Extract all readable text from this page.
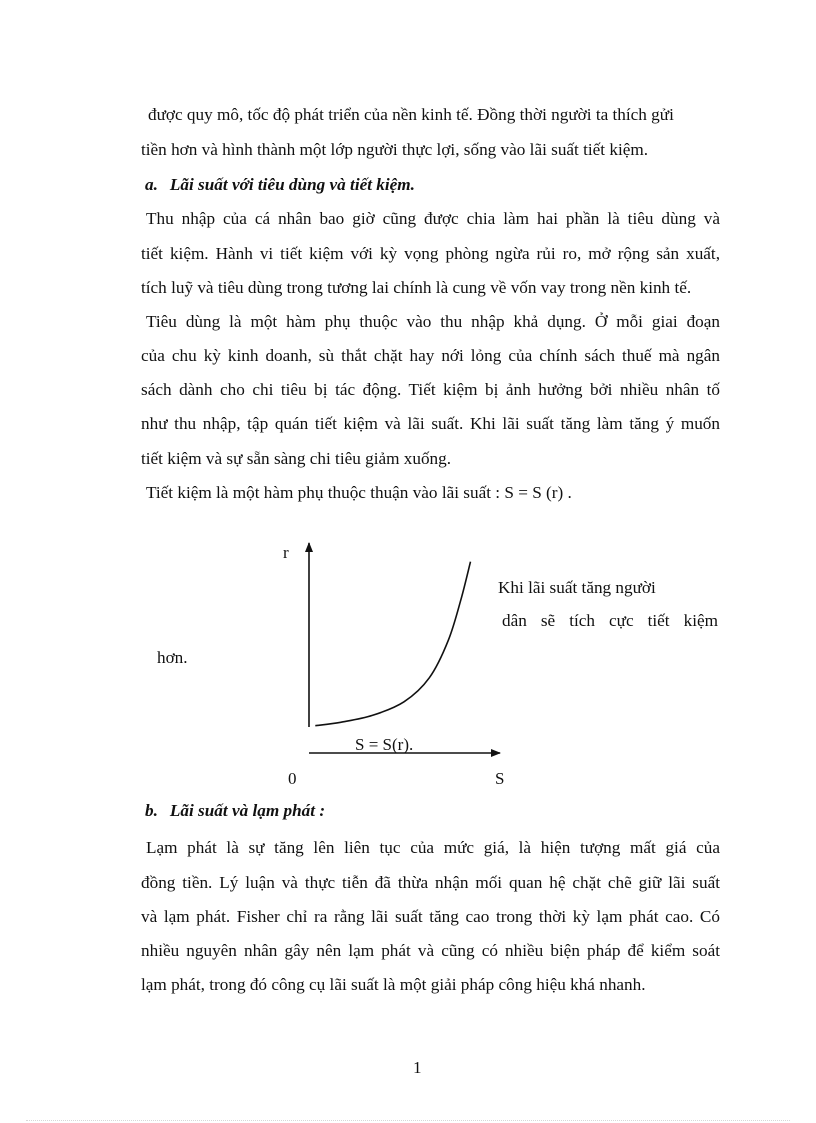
được quy mô, tốc độ phát triển của nền kinh tế. Đồng thời người ta thích gửi
tiền hơn và hình thành một lớp người thực lợi, sống vào lãi suất tiết kiệm.
a. Lãi suất với tiêu dùng và tiết kiệm.
Thu nhập của cá nhân bao giờ cũng được chia làm hai phần là tiêu dùng và
tiết kiệm. Hành vi tiết kiệm với kỳ vọng phòng ngừa rủi ro, mở rộng sản xuất,
tích luỹ và tiêu dùng trong tương lai chính là cung về vốn vay trong nền kinh tế.
Tiêu dùng là một hàm phụ thuộc vào thu nhập khả dụng. Ở mỗi giai đoạn
của chu kỳ kinh doanh, sù thắt chặt hay nới lỏng của chính sách thuế mà ngân
sách dành cho chi tiêu bị tác động. Tiết kiệm bị ảnh hưởng bởi nhiều nhân tố
như thu nhập, tập quán tiết kiệm và lãi suất. Khi lãi suất tăng làm tăng ý muốn
tiết kiệm và sự sẵn sàng chi tiêu giảm xuống.
Tiết kiệm là một hàm phụ thuộc thuận vào lãi suất : S = S (r) .
Khi lãi suất tăng người
dân sẽ tích cực tiết kiệm
hơn.
r
S
0
S = S(r).
b. Lãi suất và lạm phát :
Lạm phát là sự tăng lên liên tục của mức giá, là hiện tượng mất giá của
đồng tiền. Lý luận và thực tiễn đã thừa nhận mối quan hệ chặt chẽ giữ lãi suất
và lạm phát. Fisher chỉ ra rằng lãi suất tăng cao trong thời kỳ lạm phát cao. Có
nhiều nguyên nhân gây nên lạm phát và cũng có nhiều biện pháp để kiểm soát
lạm phát, trong đó công cụ lãi suất là một giải pháp công hiệu khá nhanh.
1
